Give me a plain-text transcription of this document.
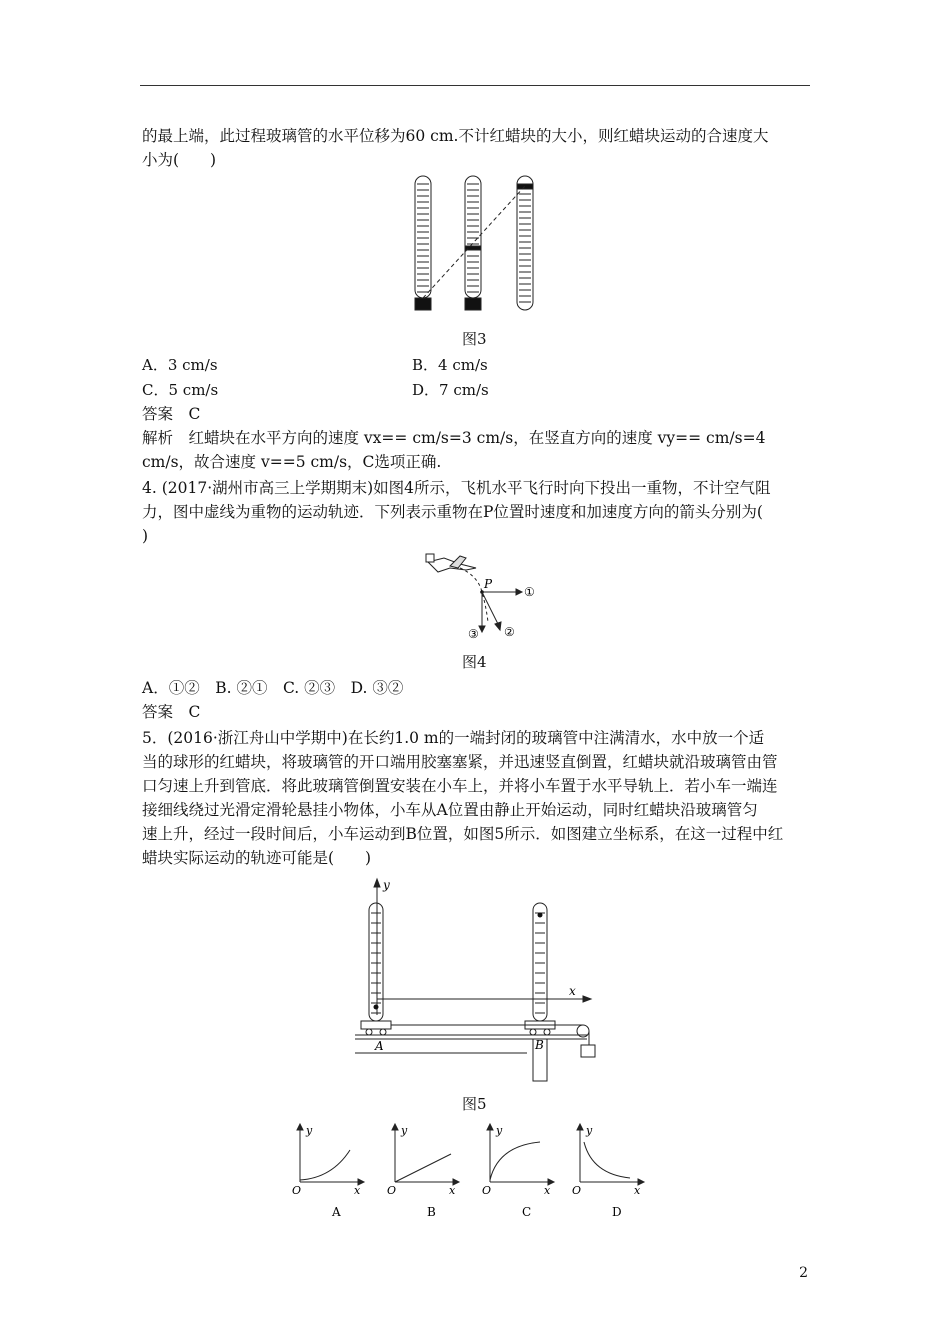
的最上端，此过程玻璃管的水平位移为60 cm.不计红蜡块的大小，则红蜡块运动的合速度大
小为(　　)
图3
A．3 cm/s	B．4 cm/s
C．5 cm/s	D．7 cm/s
答案　C
解析　红蜡块在水平方向的速度 vx== cm/s=3 cm/s，在竖直方向的速度 vy== cm/s=4
cm/s，故合速度 v==5 cm/s，C选项正确.
4. (2017·湖州市高三上学期期末)如图4所示，飞机水平飞行时向下投出一重物，不计空气阻
力，图中虚线为重物的运动轨迹．下列表示重物在P位置时速度和加速度方向的箭头分别为(
)
P
①
②
③
图4
A．①②　B. ②①　C. ②③　D. ③②
答案　C
5．(2016·浙江舟山中学期中)在长约1.0 m的一端封闭的玻璃管中注满清水，水中放一个适
当的球形的红蜡块，将玻璃管的开口端用胶塞塞紧，并迅速竖直倒置，红蜡块就沿玻璃管由管
口匀速上升到管底．将此玻璃管倒置安装在小车上，并将小车置于水平导轨上．若小车一端连
接细线绕过光滑定滑轮悬挂小物体，小车从A位置由静止开始运动，同时红蜡块沿玻璃管匀
速上升，经过一段时间后，小车运动到B位置，如图5所示．如图建立坐标系，在这一过程中红
蜡块实际运动的轨迹可能是(　　)
y
x
A	B
图5
y
O	x
A
y
O	x
B
y
O	x
C
y
O	x
D
2
